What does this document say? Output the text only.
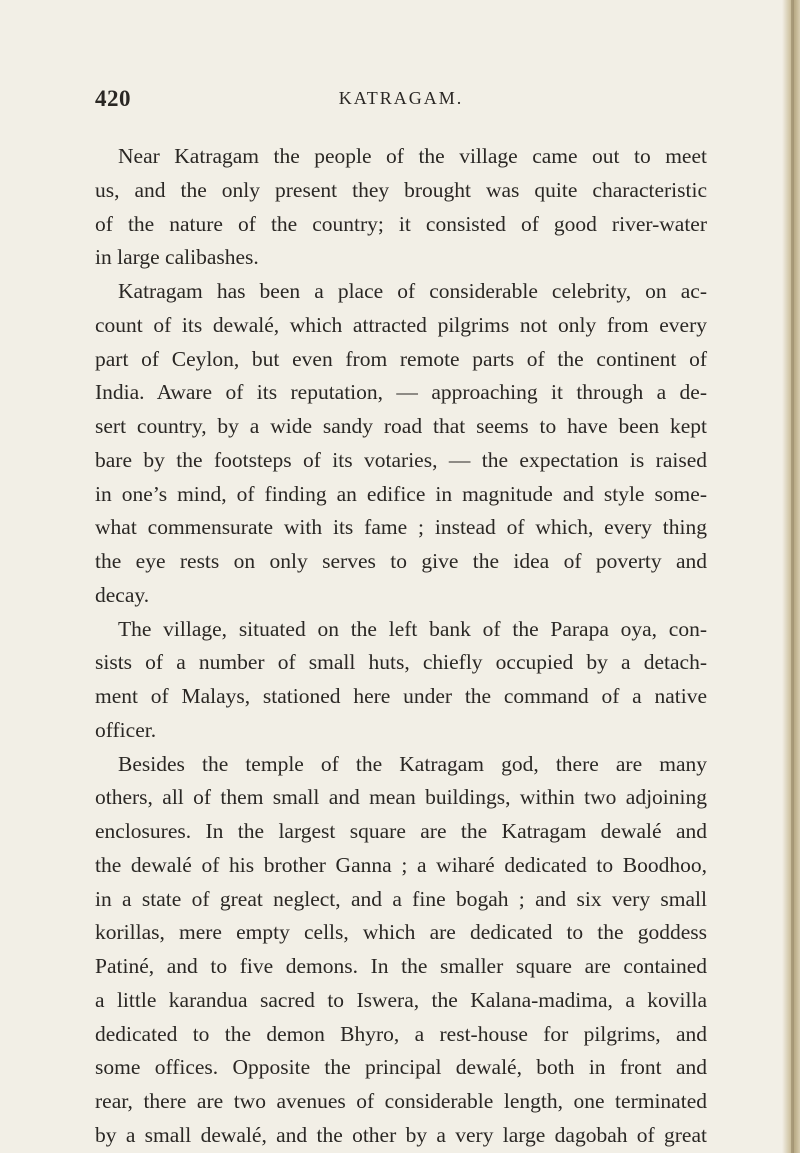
420	KATRAGAM.
Near Katragam the people of the village came out to meet
us, and the only present they brought was quite characteristic
of the nature of the country; it consisted of good river-water
in large calibashes.
Katragam has been a place of considerable celebrity, on ac-
count of its dewalé, which attracted pilgrims not only from every
part of Ceylon, but even from remote parts of the continent of
India. Aware of its reputation, — approaching it through a de-
sert country, by a wide sandy road that seems to have been kept
bare by the footsteps of its votaries, — the expectation is raised
in one’s mind, of finding an edifice in magnitude and style some-
what commensurate with its fame ; instead of which, every thing
the eye rests on only serves to give the idea of poverty and
decay.
The village, situated on the left bank of the Parapa oya, con-
sists of a number of small huts, chiefly occupied by a detach-
ment of Malays, stationed here under the command of a native
officer.
Besides the temple of the Katragam god, there are many
others, all of them small and mean buildings, within two adjoining
enclosures. In the largest square are the Katragam dewalé and
the dewalé of his brother Ganna ; a wiharé dedicated to Boodhoo,
in a state of great neglect, and a fine bogah ; and six very small
korillas, mere empty cells, which are dedicated to the goddess
Patiné, and to five demons. In the smaller square are contained
a little karandua sacred to Iswera, the Kalana-madima, a kovilla
dedicated to the demon Bhyro, a rest-house for pilgrims, and
some offices. Opposite the principal dewalé, both in front and
rear, there are two avenues of considerable length, one terminated
by a small dewalé, and the other by a very large dagobah of great
